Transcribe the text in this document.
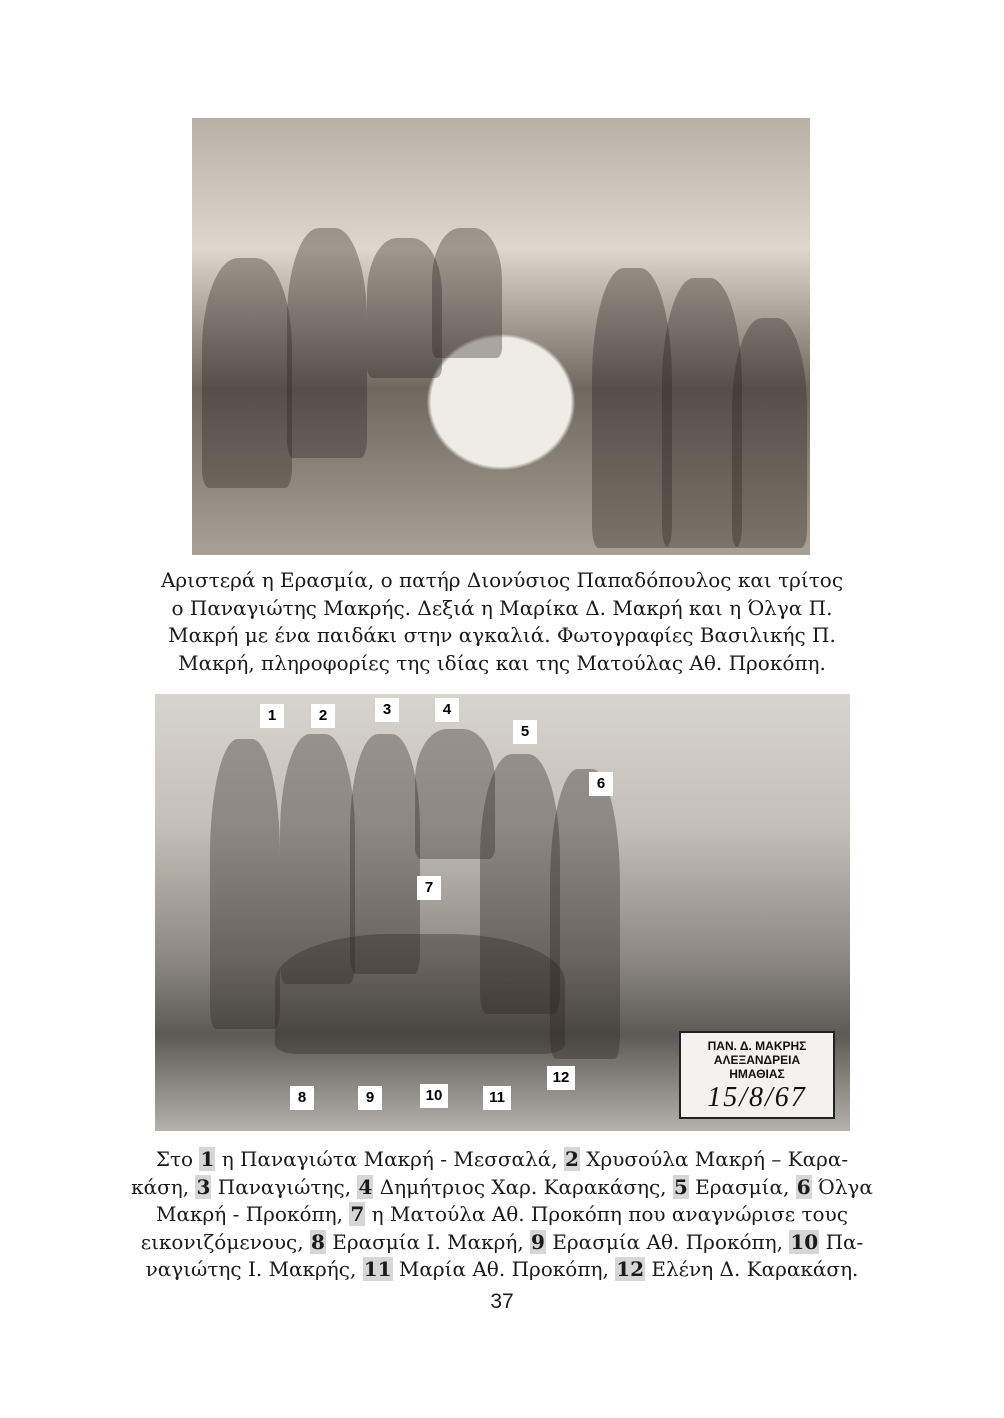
Αριστερά η Ερασμία, ο πατήρ Διονύσιος Παπαδόπουλος και τρίτος
ο Παναγιώτης Μακρής. Δεξιά η Μαρίκα Δ. Μακρή και η Όλγα Π.
Μακρή με ένα παιδάκι στην αγκαλιά. Φωτογραφίες Βασιλικής Π.
Μακρή, πληροφορίες της ιδίας και της Ματούλας Αθ. Προκόπη.
1	2	3	4
5
6
7
8	9	10	11
12
ΠΑΝ. Δ. ΜΑΚΡΗΣ
ΑΛΕΞΑΝΔΡΕΙΑ
ΗΜΑΘΙΑΣ
15/8/67
Στο 1 η Παναγιώτα Μακρή - Μεσσαλά, 2 Χρυσούλα Μακρή – Καρα-
κάση, 3 Παναγιώτης, 4 Δημήτριος Χαρ. Καρακάσης, 5 Ερασμία, 6 Όλγα
Μακρή - Προκόπη, 7 η Ματούλα Αθ. Προκόπη που αναγνώρισε τους
εικονιζόμενους, 8 Ερασμία Ι. Μακρή, 9 Ερασμία Αθ. Προκόπη, 10 Πα-
ναγιώτης Ι. Μακρής, 11 Μαρία Αθ. Προκόπη, 12 Ελένη Δ. Καρακάση.
37
